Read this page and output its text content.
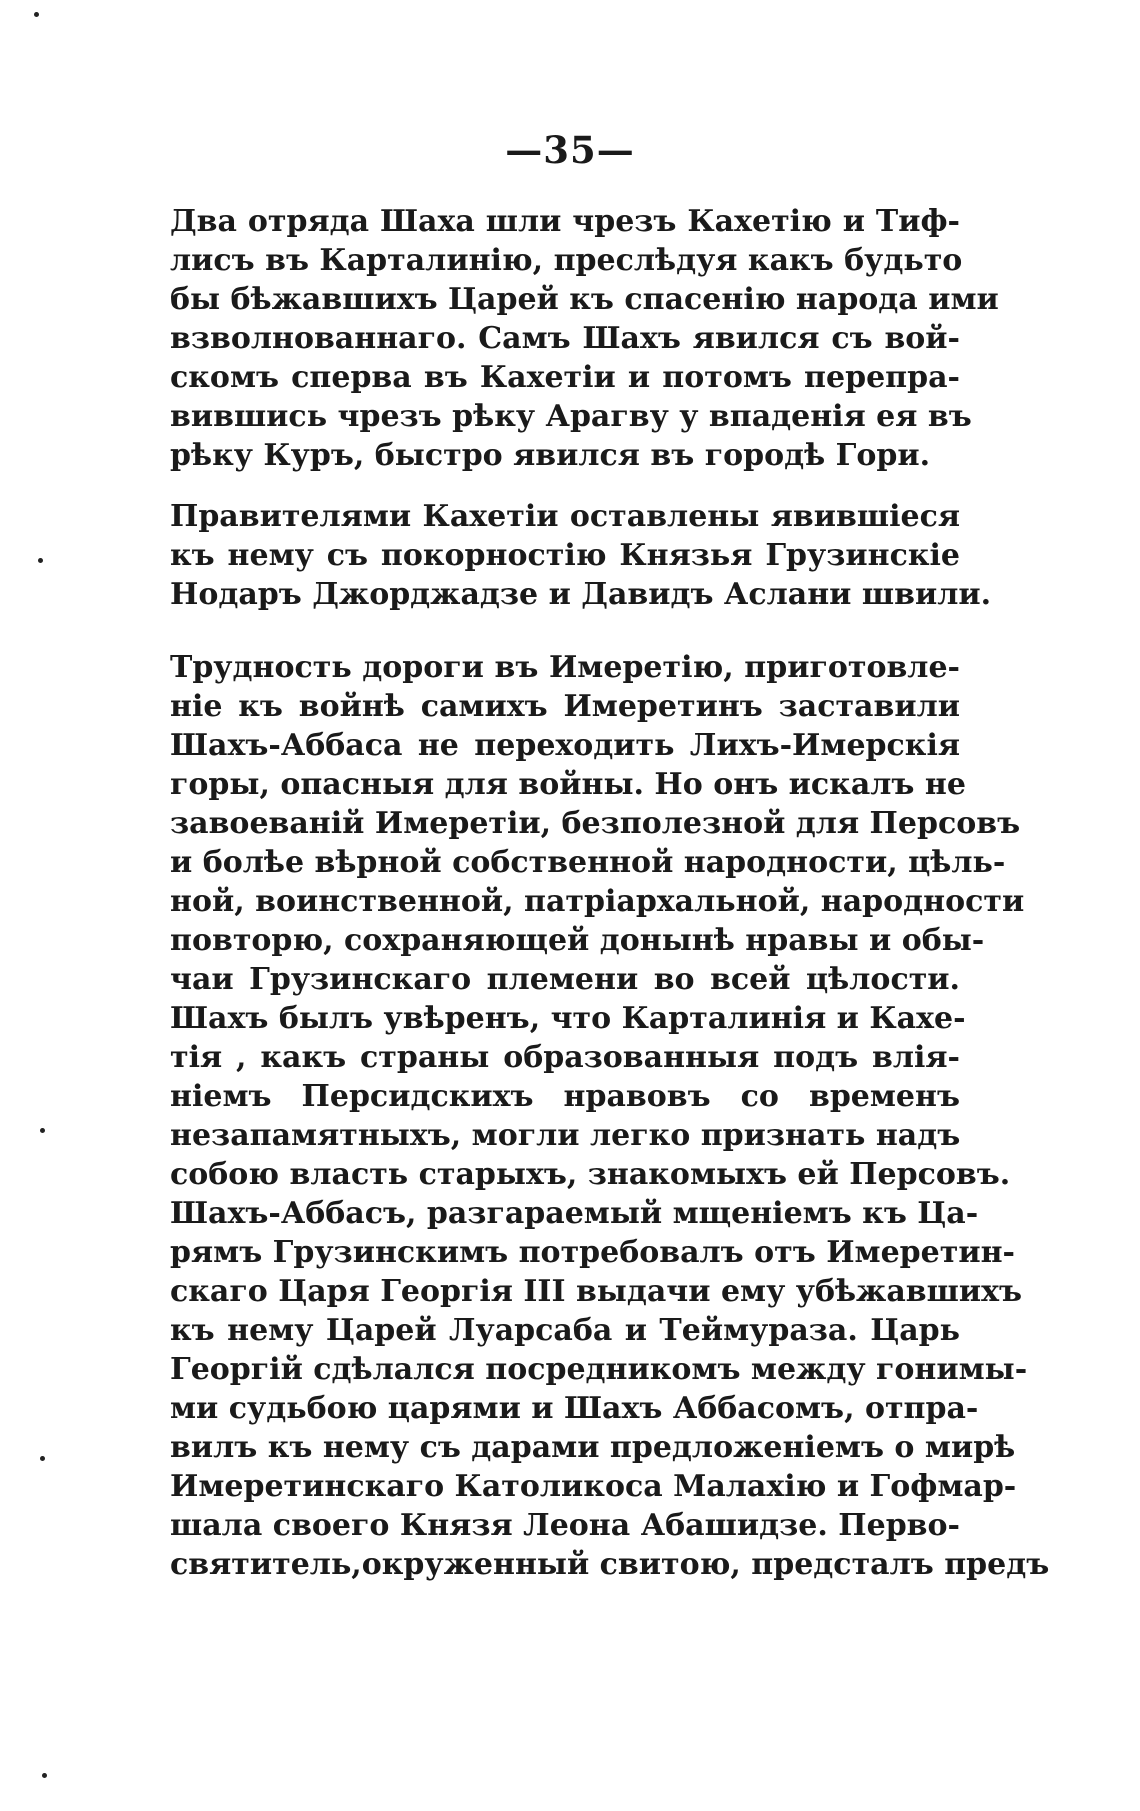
—35—
Два отряда Шаха шли чрезъ Кахетію и Тиф-
лисъ въ Карталинію, преслѣдуя какъ будьто
бы бѣжавшихъ Царей къ спасенію народа ими
взволнованнаго. Самъ Шахъ явился съ вой-
скомъ сперва въ Кахетіи и потомъ перепра-
вившись чрезъ рѣку Арагву у впаденія ея въ
рѣку Куръ, быстро явился въ городѣ Гори.
Правителями Кахетіи оставлены явившіеся
къ нему съ покорностію Князья Грузинскіе
Нодаръ Джорджадзе и Давидъ Аслани швили.
Трудность дороги въ Имеретію, приготовле-
ніе къ войнѣ самихъ Имеретинъ заставили
Шахъ-Аббаса не переходить Лихъ-Имерскія
горы, опасныя для войны. Но онъ искалъ не
завоеваній Имеретіи, безполезной для Персовъ
и болѣе вѣрной собственной народности, цѣль-
ной, воинственной, патріархальной, народности
повторю, сохраняющей донынѣ нравы и обы-
чаи Грузинскаго племени во всей цѣлости.
Шахъ былъ увѣренъ, что Карталинія и Кахе-
тія , какъ страны образованныя подъ влія-
ніемъ Персидскихъ нравовъ со временъ
незапамятныхъ, могли легко признать надъ
собою власть старыхъ, знакомыхъ ей Персовъ.
Шахъ-Аббасъ, разгараемый мщеніемъ къ Ца-
рямъ Грузинскимъ потребовалъ отъ Имеретин-
скаго Царя Георгія III выдачи ему убѣжавшихъ
къ нему Царей Луарсаба и Теймураза. Царь
Георгій сдѣлался посредникомъ между гонимы-
ми судьбою царями и Шахъ Аббасомъ, отпра-
вилъ къ нему съ дарами предложеніемъ о мирѣ
Имеретинскаго Католикоса Малахію и Гофмар-
шала своего Князя Леона Абашидзе. Перво-
святитель,окруженный свитою, предсталъ предъ
